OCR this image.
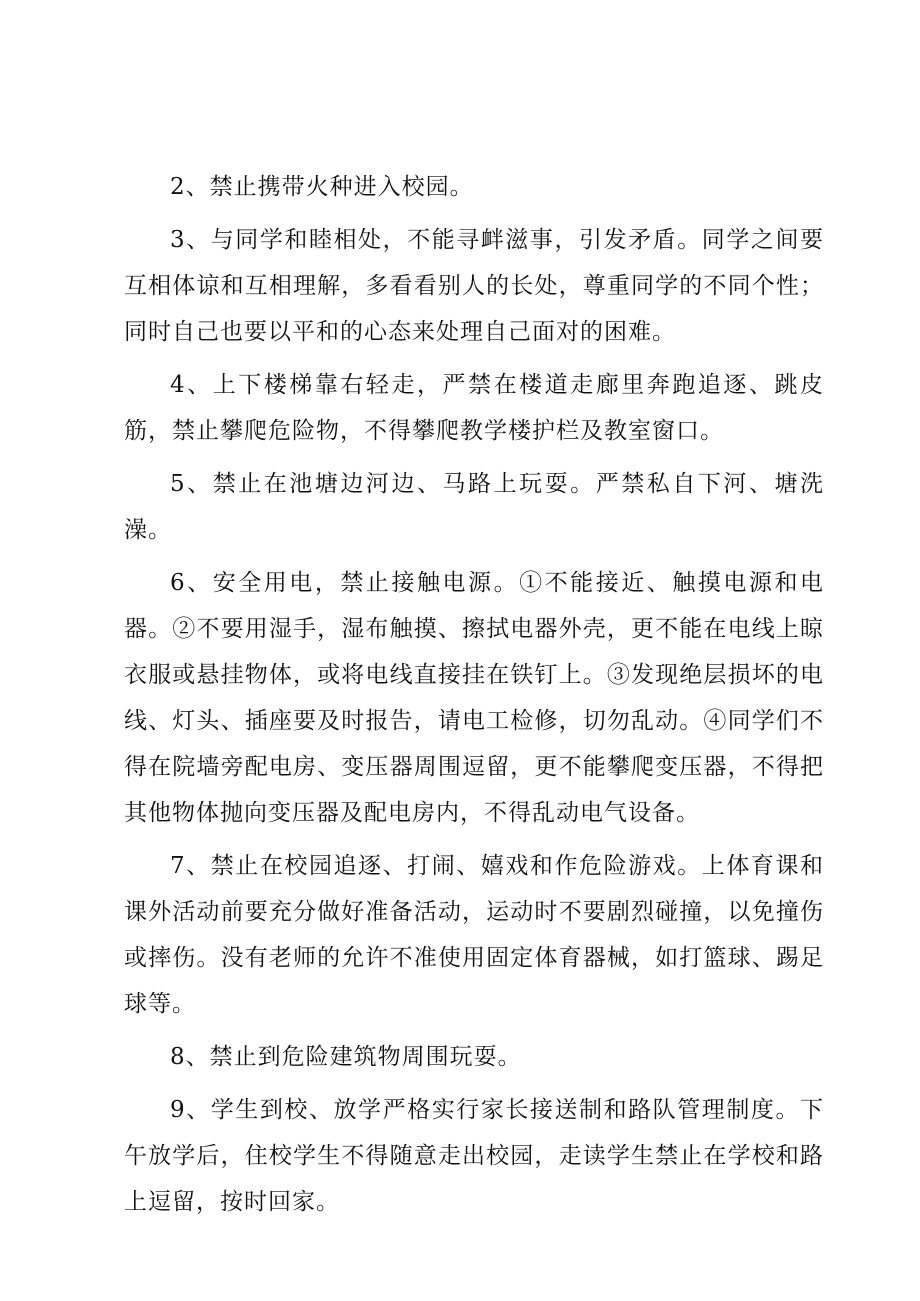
2、禁止携带火种进入校园。

3、与同学和睦相处，不能寻衅滋事，引发矛盾。同学之间要互相体谅和互相理解，多看看别人的长处，尊重同学的不同个性；同时自己也要以平和的心态来处理自己面对的困难。

4、上下楼梯靠右轻走，严禁在楼道走廊里奔跑追逐、跳皮筋，禁止攀爬危险物，不得攀爬教学楼护栏及教室窗口。

5、禁止在池塘边河边、马路上玩耍。严禁私自下河、塘洗澡。

6、安全用电，禁止接触电源。①不能接近、触摸电源和电器。②不要用湿手，湿布触摸、擦拭电器外壳，更不能在电线上晾衣服或悬挂物体，或将电线直接挂在铁钉上。③发现绝层损坏的电线、灯头、插座要及时报告，请电工检修，切勿乱动。④同学们不得在院墙旁配电房、变压器周围逗留，更不能攀爬变压器，不得把其他物体抛向变压器及配电房内，不得乱动电气设备。

7、禁止在校园追逐、打闹、嬉戏和作危险游戏。上体育课和课外活动前要充分做好准备活动，运动时不要剧烈碰撞，以免撞伤或摔伤。没有老师的允许不准使用固定体育器械，如打篮球、踢足球等。

8、禁止到危险建筑物周围玩耍。

9、学生到校、放学严格实行家长接送制和路队管理制度。下午放学后，住校学生不得随意走出校园，走读学生禁止在学校和路上逗留，按时回家。
